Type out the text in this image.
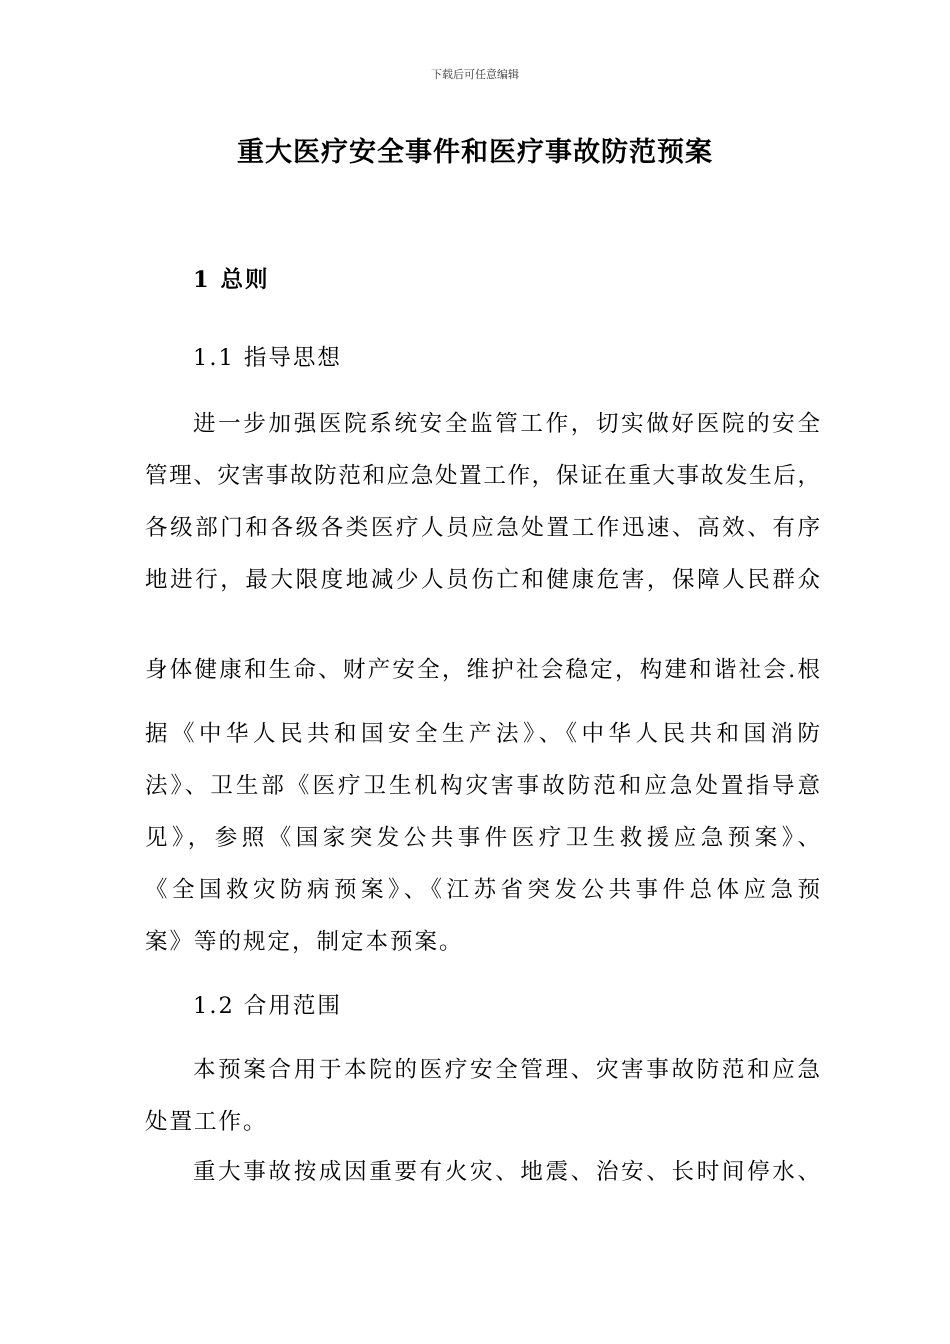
下载后可任意编辑
重大医疗安全事件和医疗事故防范预案
1 总则
1.1 指导思想
进一步加强医院系统安全监管工作，切实做好医院的安全
管理、灾害事故防范和应急处置工作，保证在重大事故发生后，
各级部门和各级各类医疗人员应急处置工作迅速、高效、有序
地进行，最大限度地减少人员伤亡和健康危害，保障人民群众
身体健康和生命、财产安全，维护社会稳定，构建和谐社会.根
据《中华人民共和国安全生产法》、《中华人民共和国消防
法》、卫生部《医疗卫生机构灾害事故防范和应急处置指导意
见》，参照《国家突发公共事件医疗卫生救援应急预案》、
《全国救灾防病预案》、《江苏省突发公共事件总体应急预
案》等的规定，制定本预案。
1.2 合用范围
本预案合用于本院的医疗安全管理、灾害事故防范和应急
处置工作。
重大事故按成因重要有火灾、地震、治安、长时间停水、
